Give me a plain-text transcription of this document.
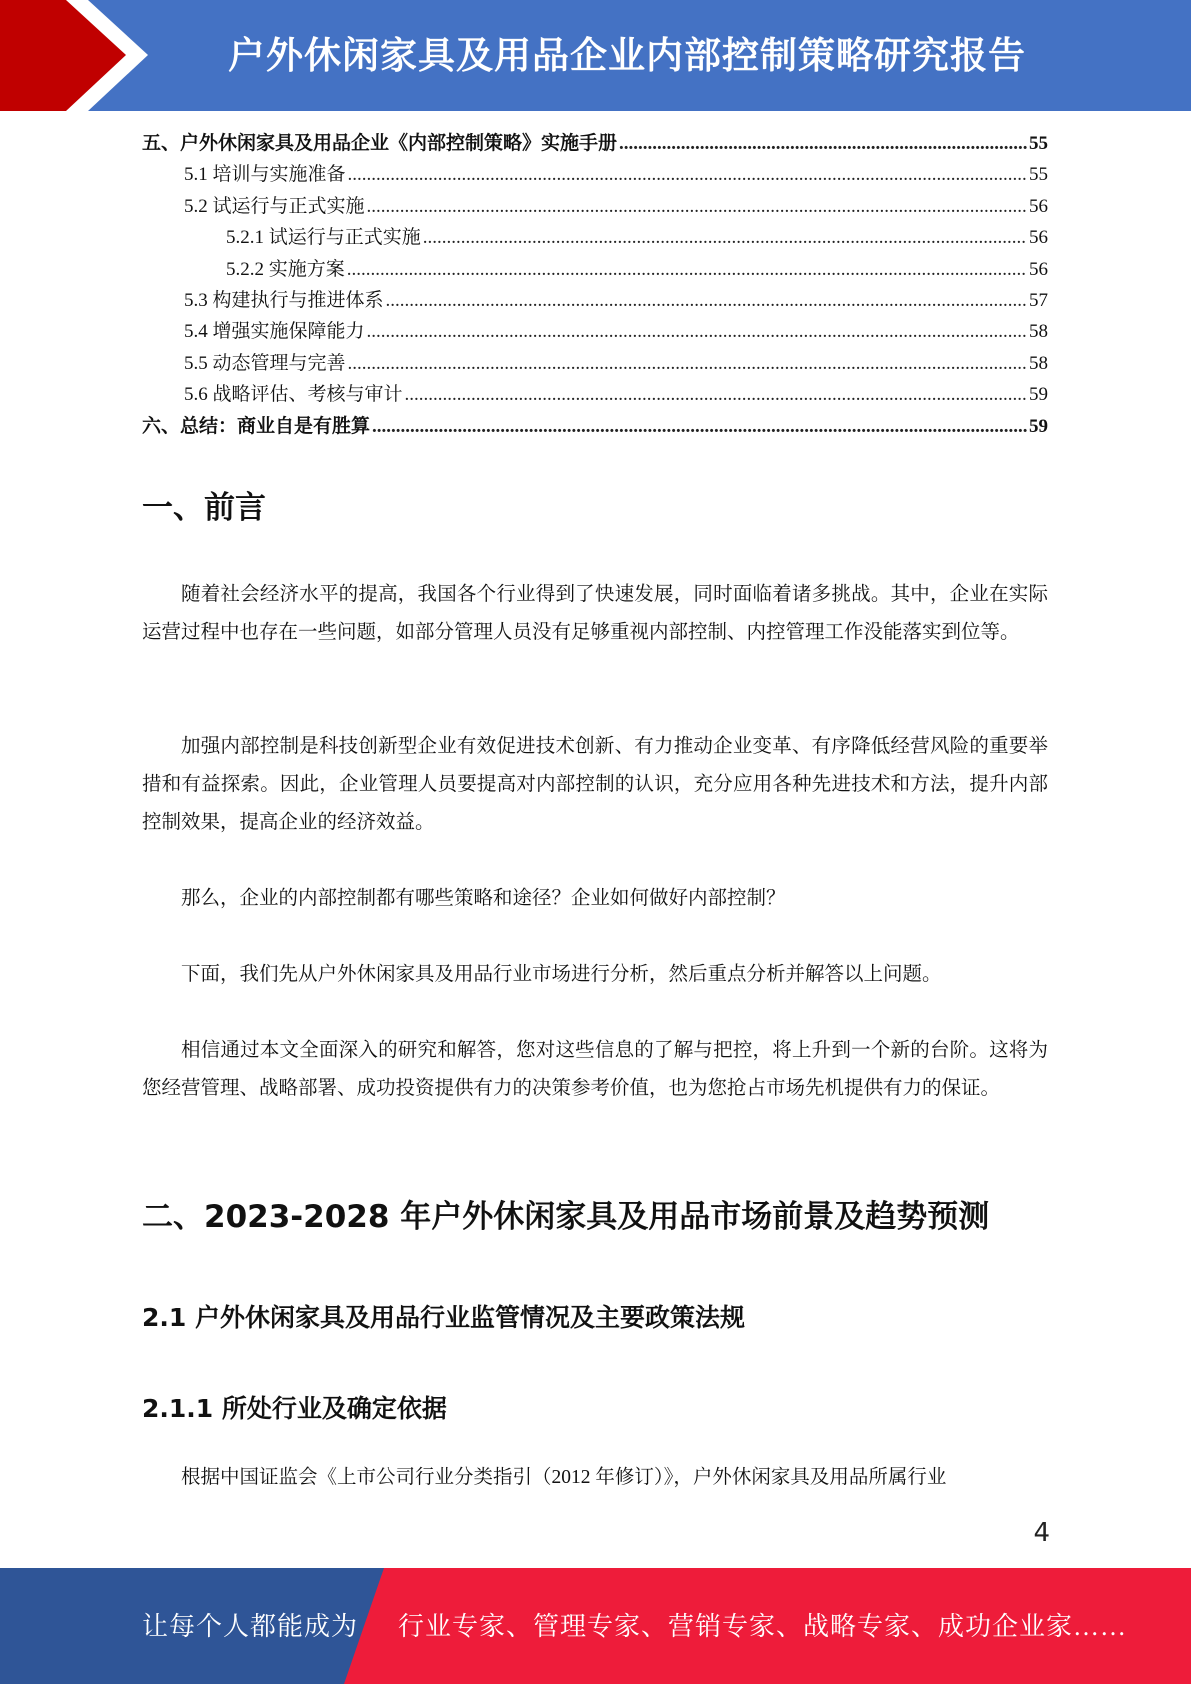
户外休闲家具及用品企业内部控制策略研究报告
五、户外休闲家具及用品企业《内部控制策略》实施手册 .....	55
5.1 培训与实施准备 .....	55
5.2 试运行与正式实施 .....	56
5.2.1 试运行与正式实施 .....	56
5.2.2 实施方案 .....	56
5.3 构建执行与推进体系 .....	57
5.4 增强实施保障能力 .....	58
5.5 动态管理与完善 .....	58
5.6 战略评估、考核与审计 .....	59
六、总结：商业自是有胜算 .....	59
一、前言

随着社会经济水平的提高，我国各个行业得到了快速发展，同时面临着诸多挑战。其中，企业在实际运营过程中也存在一些问题，如部分管理人员没有足够重视内部控制、内控管理工作没能落实到位等。

加强内部控制是科技创新型企业有效促进技术创新、有力推动企业变革、有序降低经营风险的重要举措和有益探索。因此，企业管理人员要提高对内部控制的认识，充分应用各种先进技术和方法，提升内部控制效果，提高企业的经济效益。

那么，企业的内部控制都有哪些策略和途径？企业如何做好内部控制？

下面，我们先从户外休闲家具及用品行业市场进行分析，然后重点分析并解答以上问题。

相信通过本文全面深入的研究和解答，您对这些信息的了解与把控，将上升到一个新的台阶。这将为您经营管理、战略部署、成功投资提供有力的决策参考价值，也为您抢占市场先机提供有力的保证。

二、2023-2028 年户外休闲家具及用品市场前景及趋势预测
2.1 户外休闲家具及用品行业监管情况及主要政策法规
2.1.1 所处行业及确定依据

根据中国证监会《上市公司行业分类指引（2012 年修订）》，户外休闲家具及用品所属行业

4
让每个人都能成为 行业专家、管理专家、营销专家、战略专家、成功企业家……
